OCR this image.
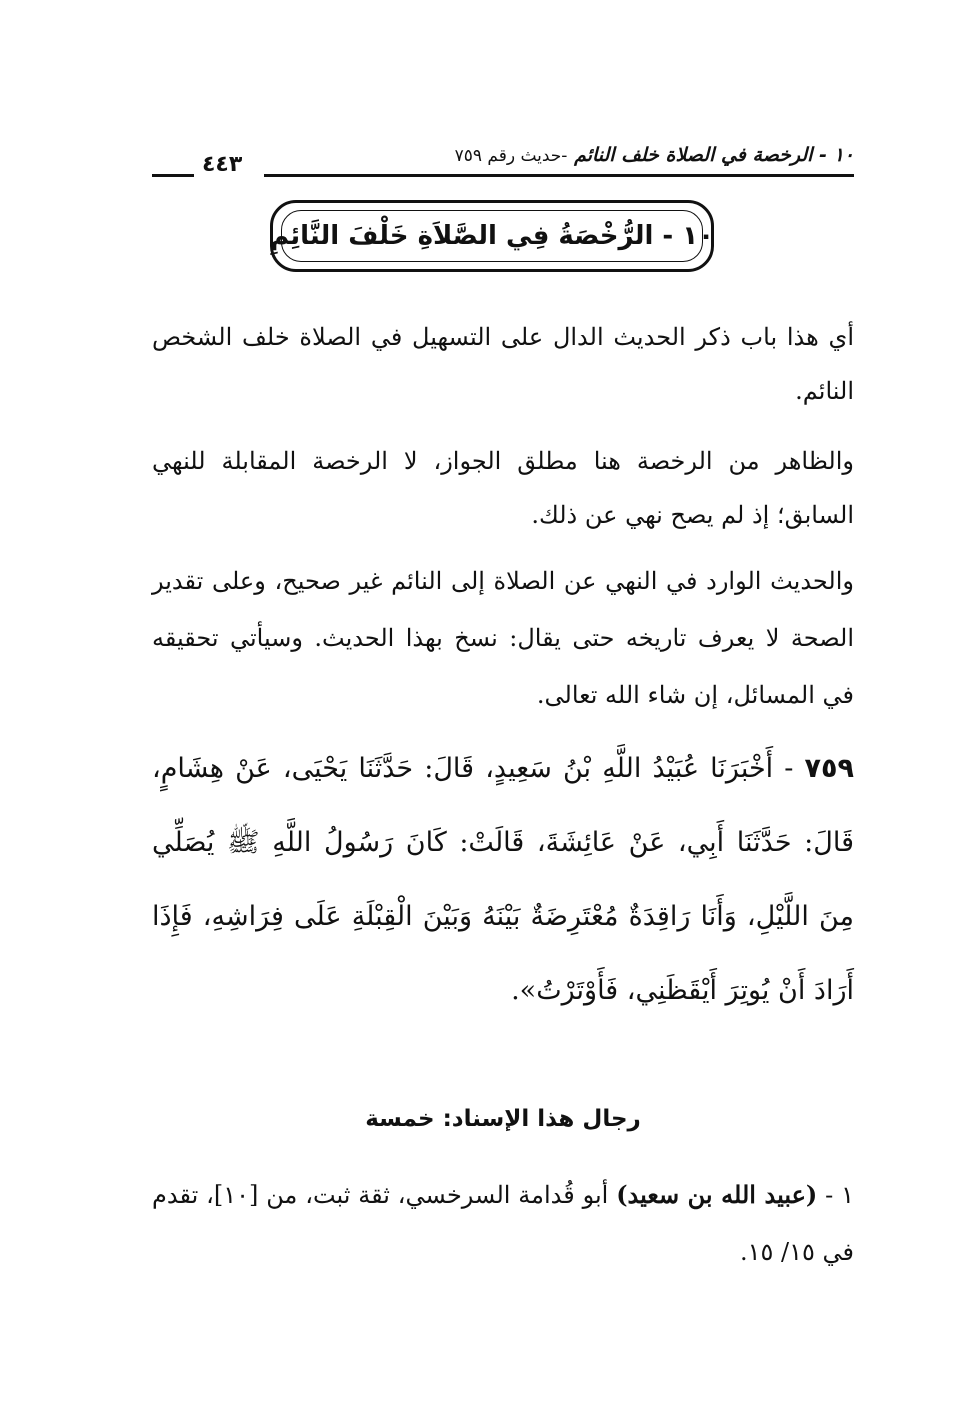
١٠ - الرخصة في الصلاة خلف النائم -حديث رقم ٧٥٩
٤٤٣
١٠ - الرُّخْصَةُ فِي الصَّلاَةِ خَلْفَ النَّائِمِ
أي هذا باب ذكر الحديث الدال على التسهيل في الصلاة خلف الشخص النائم.
والظاهر من الرخصة هنا مطلق الجواز، لا الرخصة المقابلة للنهي السابق؛ إذ لم يصح نهي عن ذلك.
والحديث الوارد في النهي عن الصلاة إلى النائم غير صحيح، وعلى تقدير الصحة لا يعرف تاريخه حتى يقال: نسخ بهذا الحديث. وسيأتي تحقيقه في المسائل، إن شاء الله تعالى.
٧٥٩ - أَخْبَرَنَا عُبَيْدُ اللَّهِ بْنُ سَعِيدٍ، قَالَ: حَدَّثَنَا يَحْيَى، عَنْ هِشَامٍ، قَالَ: حَدَّثَنَا أَبِي، عَنْ عَائِشَةَ، قَالَتْ: كَانَ رَسُولُ اللَّهِ ﷺ يُصَلِّي مِنَ اللَّيْلِ، وَأَنَا رَاقِدَةٌ مُعْتَرِضَةٌ بَيْنَهُ وَبَيْنَ الْقِبْلَةِ عَلَى فِرَاشِهِ، فَإِذَا أَرَادَ أَنْ يُوتِرَ أَيْقَظَنِي، فَأَوْتَرْتُ».
رجال هذا الإسناد: خمسة
١ - (عبيد الله بن سعيد) أبو قُدامة السرخسي، ثقة ثبت، من [١٠]، تقدم في ١٥/ ١٥.
